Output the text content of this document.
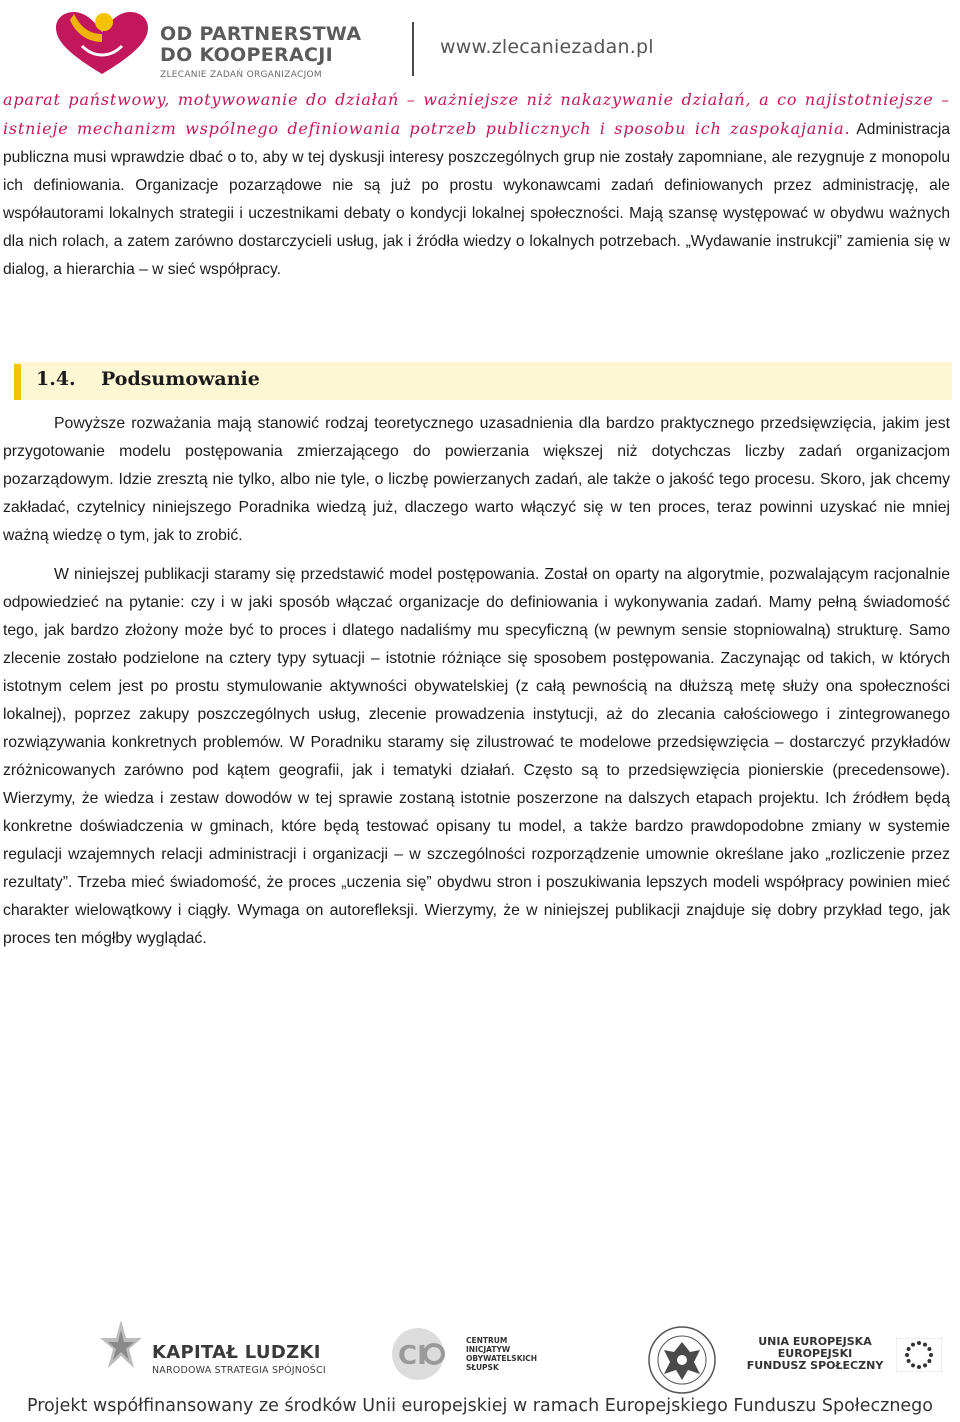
OD PARTNERSTWA
DO KOOPERACJI
ZLECANIE ZADAŃ ORGANIZACJOM
www.zlecaniezadan.pl

aparat państwowy, motywowanie do działań – ważniejsze niż nakazywanie działań, a co najistotniejsze – istnieje mechanizm wspólnego definiowania potrzeb publicznych i sposobu ich zaspokajania. Administracja publiczna musi wprawdzie dbać o to, aby w tej dyskusji interesy poszczególnych grup nie zostały zapomniane, ale rezygnuje z monopolu ich definiowania. Organizacje pozarządowe nie są już po prostu wykonawcami zadań definiowanych przez administrację, ale współautorami lokalnych strategii i uczestnikami debaty o kondycji lokalnej społeczności. Mają szansę występować w obydwu ważnych dla nich rolach, a zatem zarówno dostarczycieli usług, jak i źródła wiedzy o lokalnych potrzebach. „Wydawanie instrukcji” zamienia się w dialog, a hierarchia – w sieć współpracy.

1.4. Podsumowanie

Powyższe rozważania mają stanowić rodzaj teoretycznego uzasadnienia dla bardzo praktycznego przedsięwzięcia, jakim jest przygotowanie modelu postępowania zmierzającego do powierzania większej niż dotychczas liczby zadań organizacjom pozarządowym. Idzie zresztą nie tylko, albo nie tyle, o liczbę powierzanych zadań, ale także o jakość tego procesu. Skoro, jak chcemy zakładać, czytelnicy niniejszego Poradnika wiedzą już, dlaczego warto włączyć się w ten proces, teraz powinni uzyskać nie mniej ważną wiedzę o tym, jak to zrobić.

W niniejszej publikacji staramy się przedstawić model postępowania. Został on oparty na algorytmie, pozwalającym racjonalnie odpowiedzieć na pytanie: czy i w jaki sposób włączać organizacje do definiowania i wykonywania zadań. Mamy pełną świadomość tego, jak bardzo złożony może być to proces i dlatego nadaliśmy mu specyficzną (w pewnym sensie stopniowalną) strukturę. Samo zlecenie zostało podzielone na cztery typy sytuacji – istotnie różniące się sposobem postępowania. Zaczynając od takich, w których istotnym celem jest po prostu stymulowanie aktywności obywatelskiej (z całą pewnością na dłuższą metę służy ona społeczności lokalnej), poprzez zakupy poszczególnych usług, zlecenie prowadzenia instytucji, aż do zlecania całościowego i zintegrowanego rozwiązywania konkretnych problemów. W Poradniku staramy się zilustrować te modelowe przedsięwzięcia – dostarczyć przykładów zróżnicowanych zarówno pod kątem geografii, jak i tematyki działań. Często są to przedsięwzięcia pionierskie (precedensowe). Wierzymy, że wiedza i zestaw dowodów w tej sprawie zostaną istotnie poszerzone na dalszych etapach projektu. Ich źródłem będą konkretne doświadczenia w gminach, które będą testować opisany tu model, a także bardzo prawdopodobne zmiany w systemie regulacji wzajemnych relacji administracji i organizacji – w szczególności rozporządzenie umownie określane jako „rozliczenie przez rezultaty”. Trzeba mieć świadomość, że proces „uczenia się” obydwu stron i poszukiwania lepszych modeli współpracy powinien mieć charakter wielowątkowy i ciągły. Wymaga on autorefleksji. Wierzymy, że w niniejszej publikacji znajduje się dobry przykład tego, jak proces ten mógłby wyglądać.

KAPITAŁ LUDZKI
NARODOWA STRATEGIA SPÓJNOŚCI	CI
CENTRUM
INICJATYW
OBYWATELSKICH
SŁUPSK
UNIA EUROPEJSKA
EUROPEJSKI
FUNDUSZ SPOŁECZNY
Projekt współfinansowany ze środków Unii europejskiej w ramach Europejskiego Funduszu Społecznego
